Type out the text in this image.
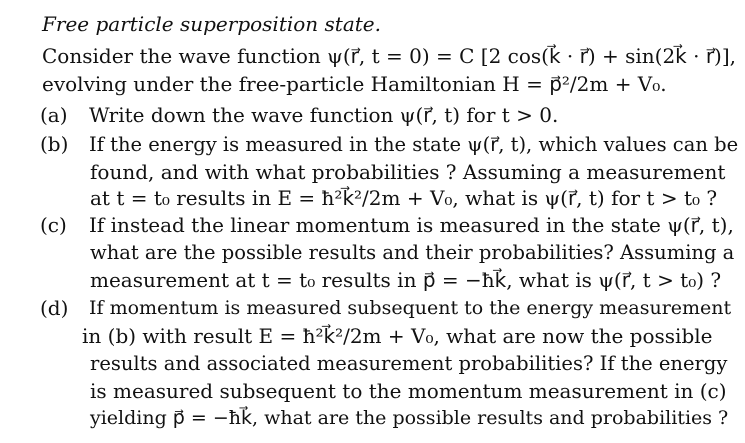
Free particle superposition state.
Consider the wave function ψ(r⃗, t = 0) = C [2 cos(k⃗ · r⃗) + sin(2k⃗ · r⃗)],
evolving under the free-particle Hamiltonian H = p⃗²/2m + V₀.
(a) Write down the wave function ψ(r⃗, t) for t > 0.
(b) If the energy is measured in the state ψ(r⃗, t), which values can be
found, and with what probabilities ? Assuming a measurement
at t = t₀ results in E = ħ²k⃗²/2m + V₀, what is ψ(r⃗, t) for t > t₀ ?
(c) If instead the linear momentum is measured in the state ψ(r⃗, t),
what are the possible results and their probabilities? Assuming a
measurement at t = t₀ results in p⃗ = −ħk⃗, what is ψ(r⃗, t > t₀) ?
(d) If momentum is measured subsequent to the energy measurement
in (b) with result E = ħ²k⃗²/2m + V₀, what are now the possible
results and associated measurement probabilities? If the energy
is measured subsequent to the momentum measurement in (c)
yielding p⃗ = −ħk⃗, what are the possible results and probabilities ?
